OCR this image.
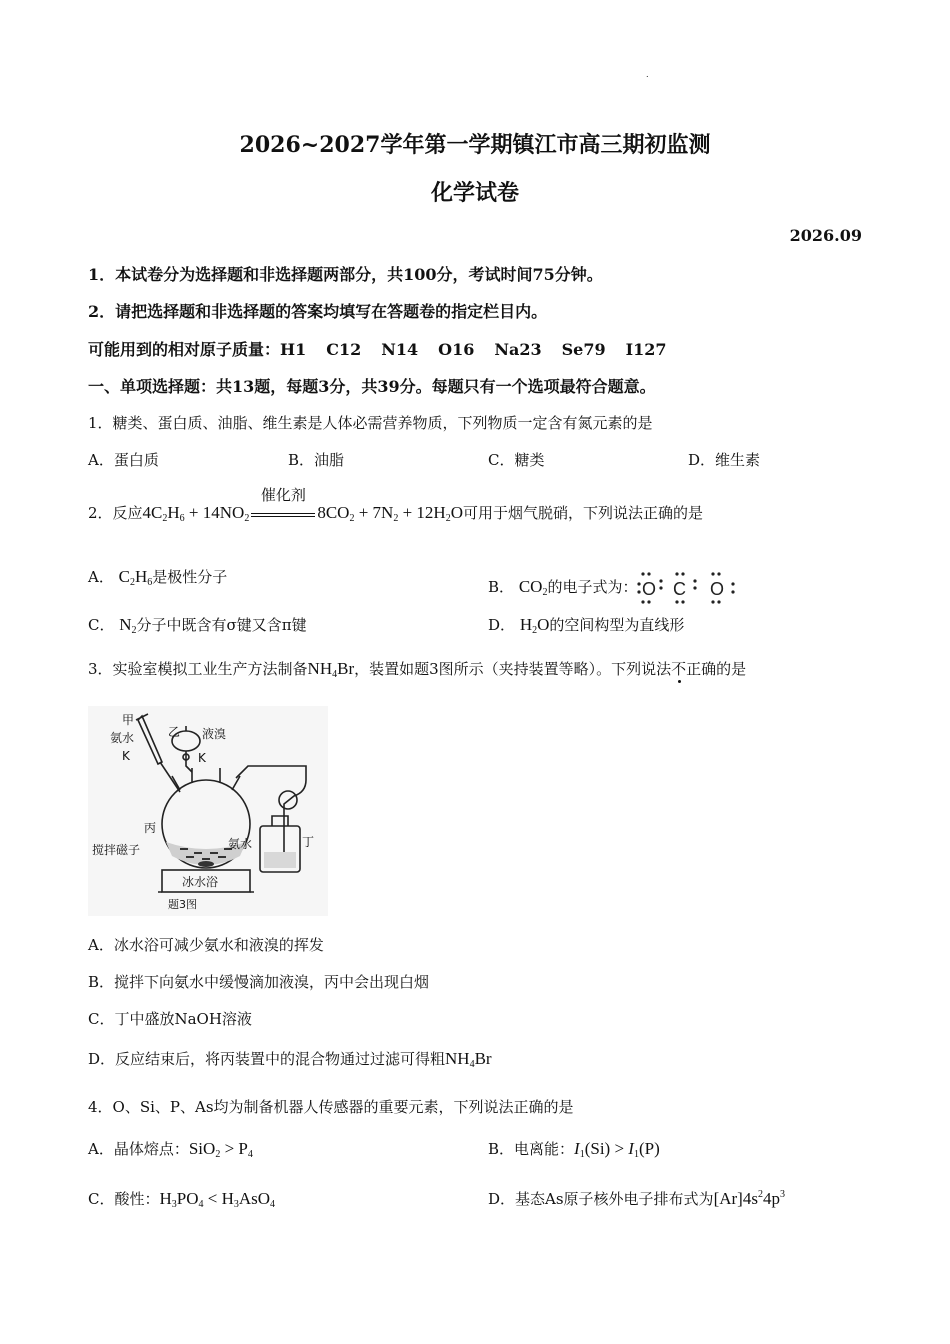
.
2026~2027学年第一学期镇江市高三期初监测
化学试卷
2026.09
1．本试卷分为选择题和非选择题两部分，共100分，考试时间75分钟。
2．请把选择题和非选择题的答案均填写在答题卷的指定栏目内。
可能用到的相对原子质量：H1 C12 N14 O16 Na23 Se79 I127
一、单项选择题：共13题，每题3分，共39分。每题只有一个选项最符合题意。
1．糖类、蛋白质、油脂、维生素是人体必需营养物质，下列物质一定含有氮元素的是
A．蛋白质	B．油脂	C．糖类	D．维生素
2．反应$4C_2H_6 + 14NO_2$
催化剂
$8CO_2 + 7N_2 + 12H_2O$可用于烟气脱硝，下列说法正确的是
A． $C_2H_6$是极性分子
B． $CO_2$的电子式为： O C O
C． $N_2$分子中既含有σ键又含π键	D． $H_2O$的空间构型为直线形
3．实验室模拟工业生产方法制备$NH_4Br$，装置如题3图所示（夹持装置等略）。下列说法不正确的是
甲
氨水
K
乙 液溴
K
丙
搅拌磁子	氨水	丁
冰水浴
题3图
A．冰水浴可减少氨水和液溴的挥发
B．搅拌下向氨水中缓慢滴加液溴，丙中会出现白烟
C．丁中盛放NaOH溶液
D．反应结束后，将丙装置中的混合物通过过滤可得粗$NH_4Br$
4．O、Si、P、As均为制备机器人传感器的重要元素，下列说法正确的是
A．晶体熔点：$SiO_2 > P_4$	B．电离能：$I_1(Si) > I_1(P)$
C．酸性：$H_3PO_4 < H_3AsO_4$	D．基态As原子核外电子排布式为$[Ar]4s^24p^3$
